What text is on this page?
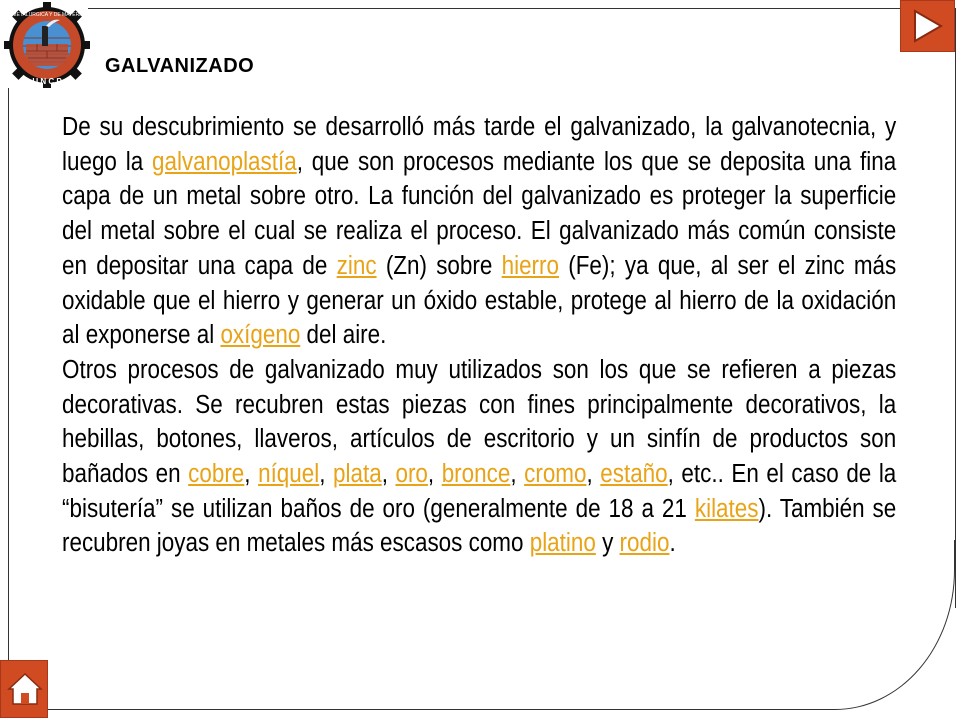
ING. METALURGICA Y DE MATERIALES
U N C P
GALVANIZADO

De su descubrimiento se desarrolló más tarde el galvanizado, la galvanotecnia, y luego la galvanoplastía, que son procesos mediante los que se deposita una fina capa de un metal sobre otro. La función del galvanizado es proteger la superficie del metal sobre el cual se realiza el proceso. El galvanizado más común consiste en depositar una capa de zinc (Zn) sobre hierro (Fe); ya que, al ser el zinc más oxidable que el hierro y generar un óxido estable, protege al hierro de la oxidación al exponerse al oxígeno del aire.

Otros procesos de galvanizado muy utilizados son los que se refieren a piezas decorativas. Se recubren estas piezas con fines principalmente decorativos, la hebillas, botones, llaveros, artículos de escritorio y un sinfín de productos son bañados en cobre, níquel, plata, oro, bronce, cromo, estaño, etc.. En el caso de la “bisutería” se utilizan baños de oro (generalmente de 18 a 21 kilates). También se recubren joyas en metales más escasos como platino y rodio.
